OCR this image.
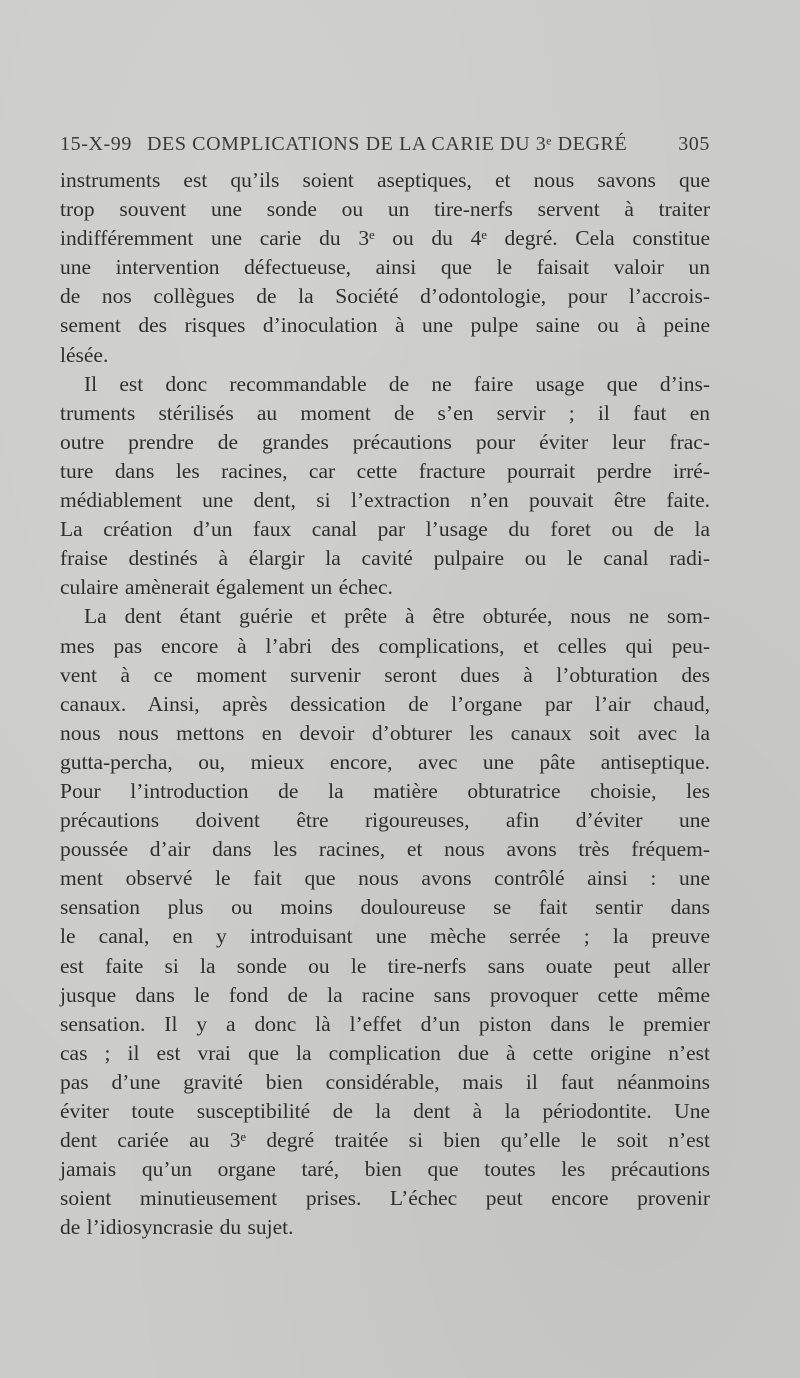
15-X-99 DES COMPLICATIONS DE LA CARIE DU 3ᵉ DEGRÉ	305
instruments est qu’ils soient aseptiques, et nous savons que
trop souvent une sonde ou un tire-nerfs servent à traiter
indifféremment une carie du 3ᵉ ou du 4ᵉ degré. Cela constitue
une intervention défectueuse, ainsi que le faisait valoir un
de nos collègues de la Société d’odontologie, pour l’accrois-
sement des risques d’inoculation à une pulpe saine ou à peine
lésée.
Il est donc recommandable de ne faire usage que d’ins-
truments stérilisés au moment de s’en servir ; il faut en
outre prendre de grandes précautions pour éviter leur frac-
ture dans les racines, car cette fracture pourrait perdre irré-
médiablement une dent, si l’extraction n’en pouvait être faite.
La création d’un faux canal par l’usage du foret ou de la
fraise destinés à élargir la cavité pulpaire ou le canal radi-
culaire amènerait également un échec.
La dent étant guérie et prête à être obturée, nous ne som-
mes pas encore à l’abri des complications, et celles qui peu-
vent à ce moment survenir seront dues à l’obturation des
canaux. Ainsi, après dessication de l’organe par l’air chaud,
nous nous mettons en devoir d’obturer les canaux soit avec la
gutta-percha, ou, mieux encore, avec une pâte antiseptique.
Pour l’introduction de la matière obturatrice choisie, les
précautions doivent être rigoureuses, afin d’éviter une
poussée d’air dans les racines, et nous avons très fréquem-
ment observé le fait que nous avons contrôlé ainsi : une
sensation plus ou moins douloureuse se fait sentir dans
le canal, en y introduisant une mèche serrée ; la preuve
est faite si la sonde ou le tire-nerfs sans ouate peut aller
jusque dans le fond de la racine sans provoquer cette même
sensation. Il y a donc là l’effet d’un piston dans le premier
cas ; il est vrai que la complication due à cette origine n’est
pas d’une gravité bien considérable, mais il faut néanmoins
éviter toute susceptibilité de la dent à la périodontite. Une
dent cariée au 3ᵉ degré traitée si bien qu’elle le soit n’est
jamais qu’un organe taré, bien que toutes les précautions
soient minutieusement prises. L’échec peut encore provenir
de l’idiosyncrasie du sujet.
